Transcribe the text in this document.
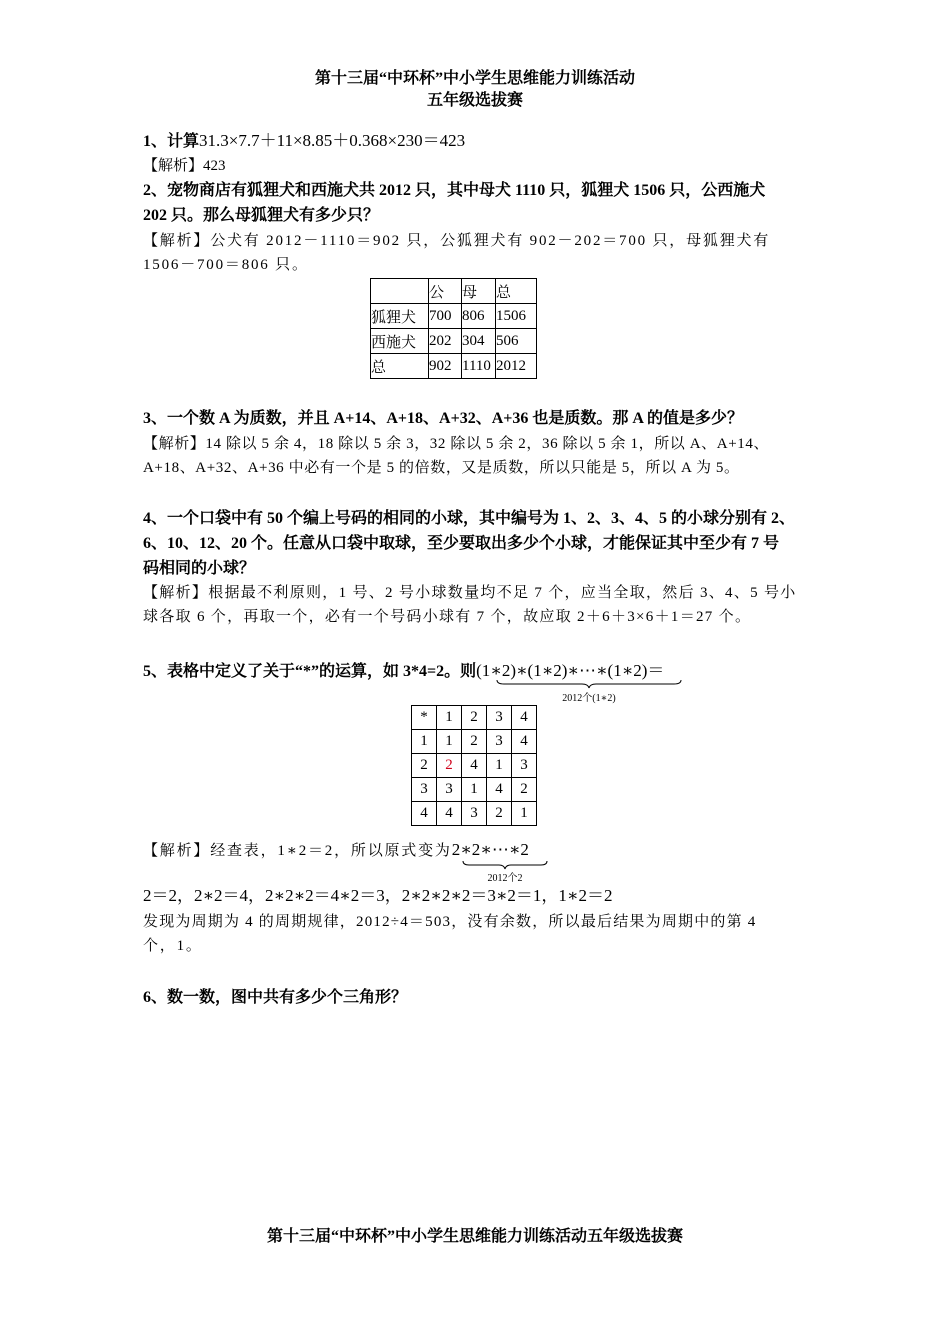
第十三届“中环杯”中小学生思维能力训练活动
五年级选拔赛
1、计算31.3×7.7＋11×8.85＋0.368×230＝423
【解析】423
2、宠物商店有狐狸犬和西施犬共 2012 只，其中母犬 1110 只，狐狸犬 1506 只，公西施犬
202 只。那么母狐狸犬有多少只？
【解析】公犬有 2012－1110＝902 只，公狐狸犬有 902－202＝700 只，母狐狸犬有
1506－700＝806 只。
	公	母	总
狐狸犬	700	806	1506
西施犬	202	304	506
总	902	1110	2012
3、一个数 A 为质数，并且 A+14、A+18、A+32、A+36 也是质数。那 A 的值是多少？
【解析】14 除以 5 余 4，18 除以 5 余 3，32 除以 5 余 2，36 除以 5 余 1，所以 A、A+14、
A+18、A+32、A+36 中必有一个是 5 的倍数，又是质数，所以只能是 5，所以 A 为 5。
4、一个口袋中有 50 个编上号码的相同的小球，其中编号为 1、2、3、4、5 的小球分别有 2、
6、10、12、20 个。任意从口袋中取球，至少要取出多少个小球，才能保证其中至少有 7 号
码相同的小球？
【解析】根据最不利原则，1 号、2 号小球数量均不足 7 个，应当全取，然后 3、4、5 号小
球各取 6 个，再取一个，必有一个号码小球有 7 个，故应取 2＋6＋3×6＋1＝27 个。
5、表格中定义了关于“*”的运算，如 3*4=2。则(1∗2)∗(1∗2)∗⋯∗(1∗2)＝
2012个(1∗2)
*	1	2	3	4
1	1	2	3	4
2	2	4	1	3
3	3	1	4	2
4	4	3	2	1
【解析】经查表，1∗2＝2，所以原式变为2∗2∗⋯∗2
2012个2
2＝2，2∗2＝4，2∗2∗2＝4∗2＝3，2∗2∗2∗2＝3∗2＝1，1∗2＝2
发现为周期为 4 的周期规律，2012÷4＝503，没有余数，所以最后结果为周期中的第 4
个，1。
6、数一数，图中共有多少个三角形？
第十三届“中环杯”中小学生思维能力训练活动五年级选拔赛
